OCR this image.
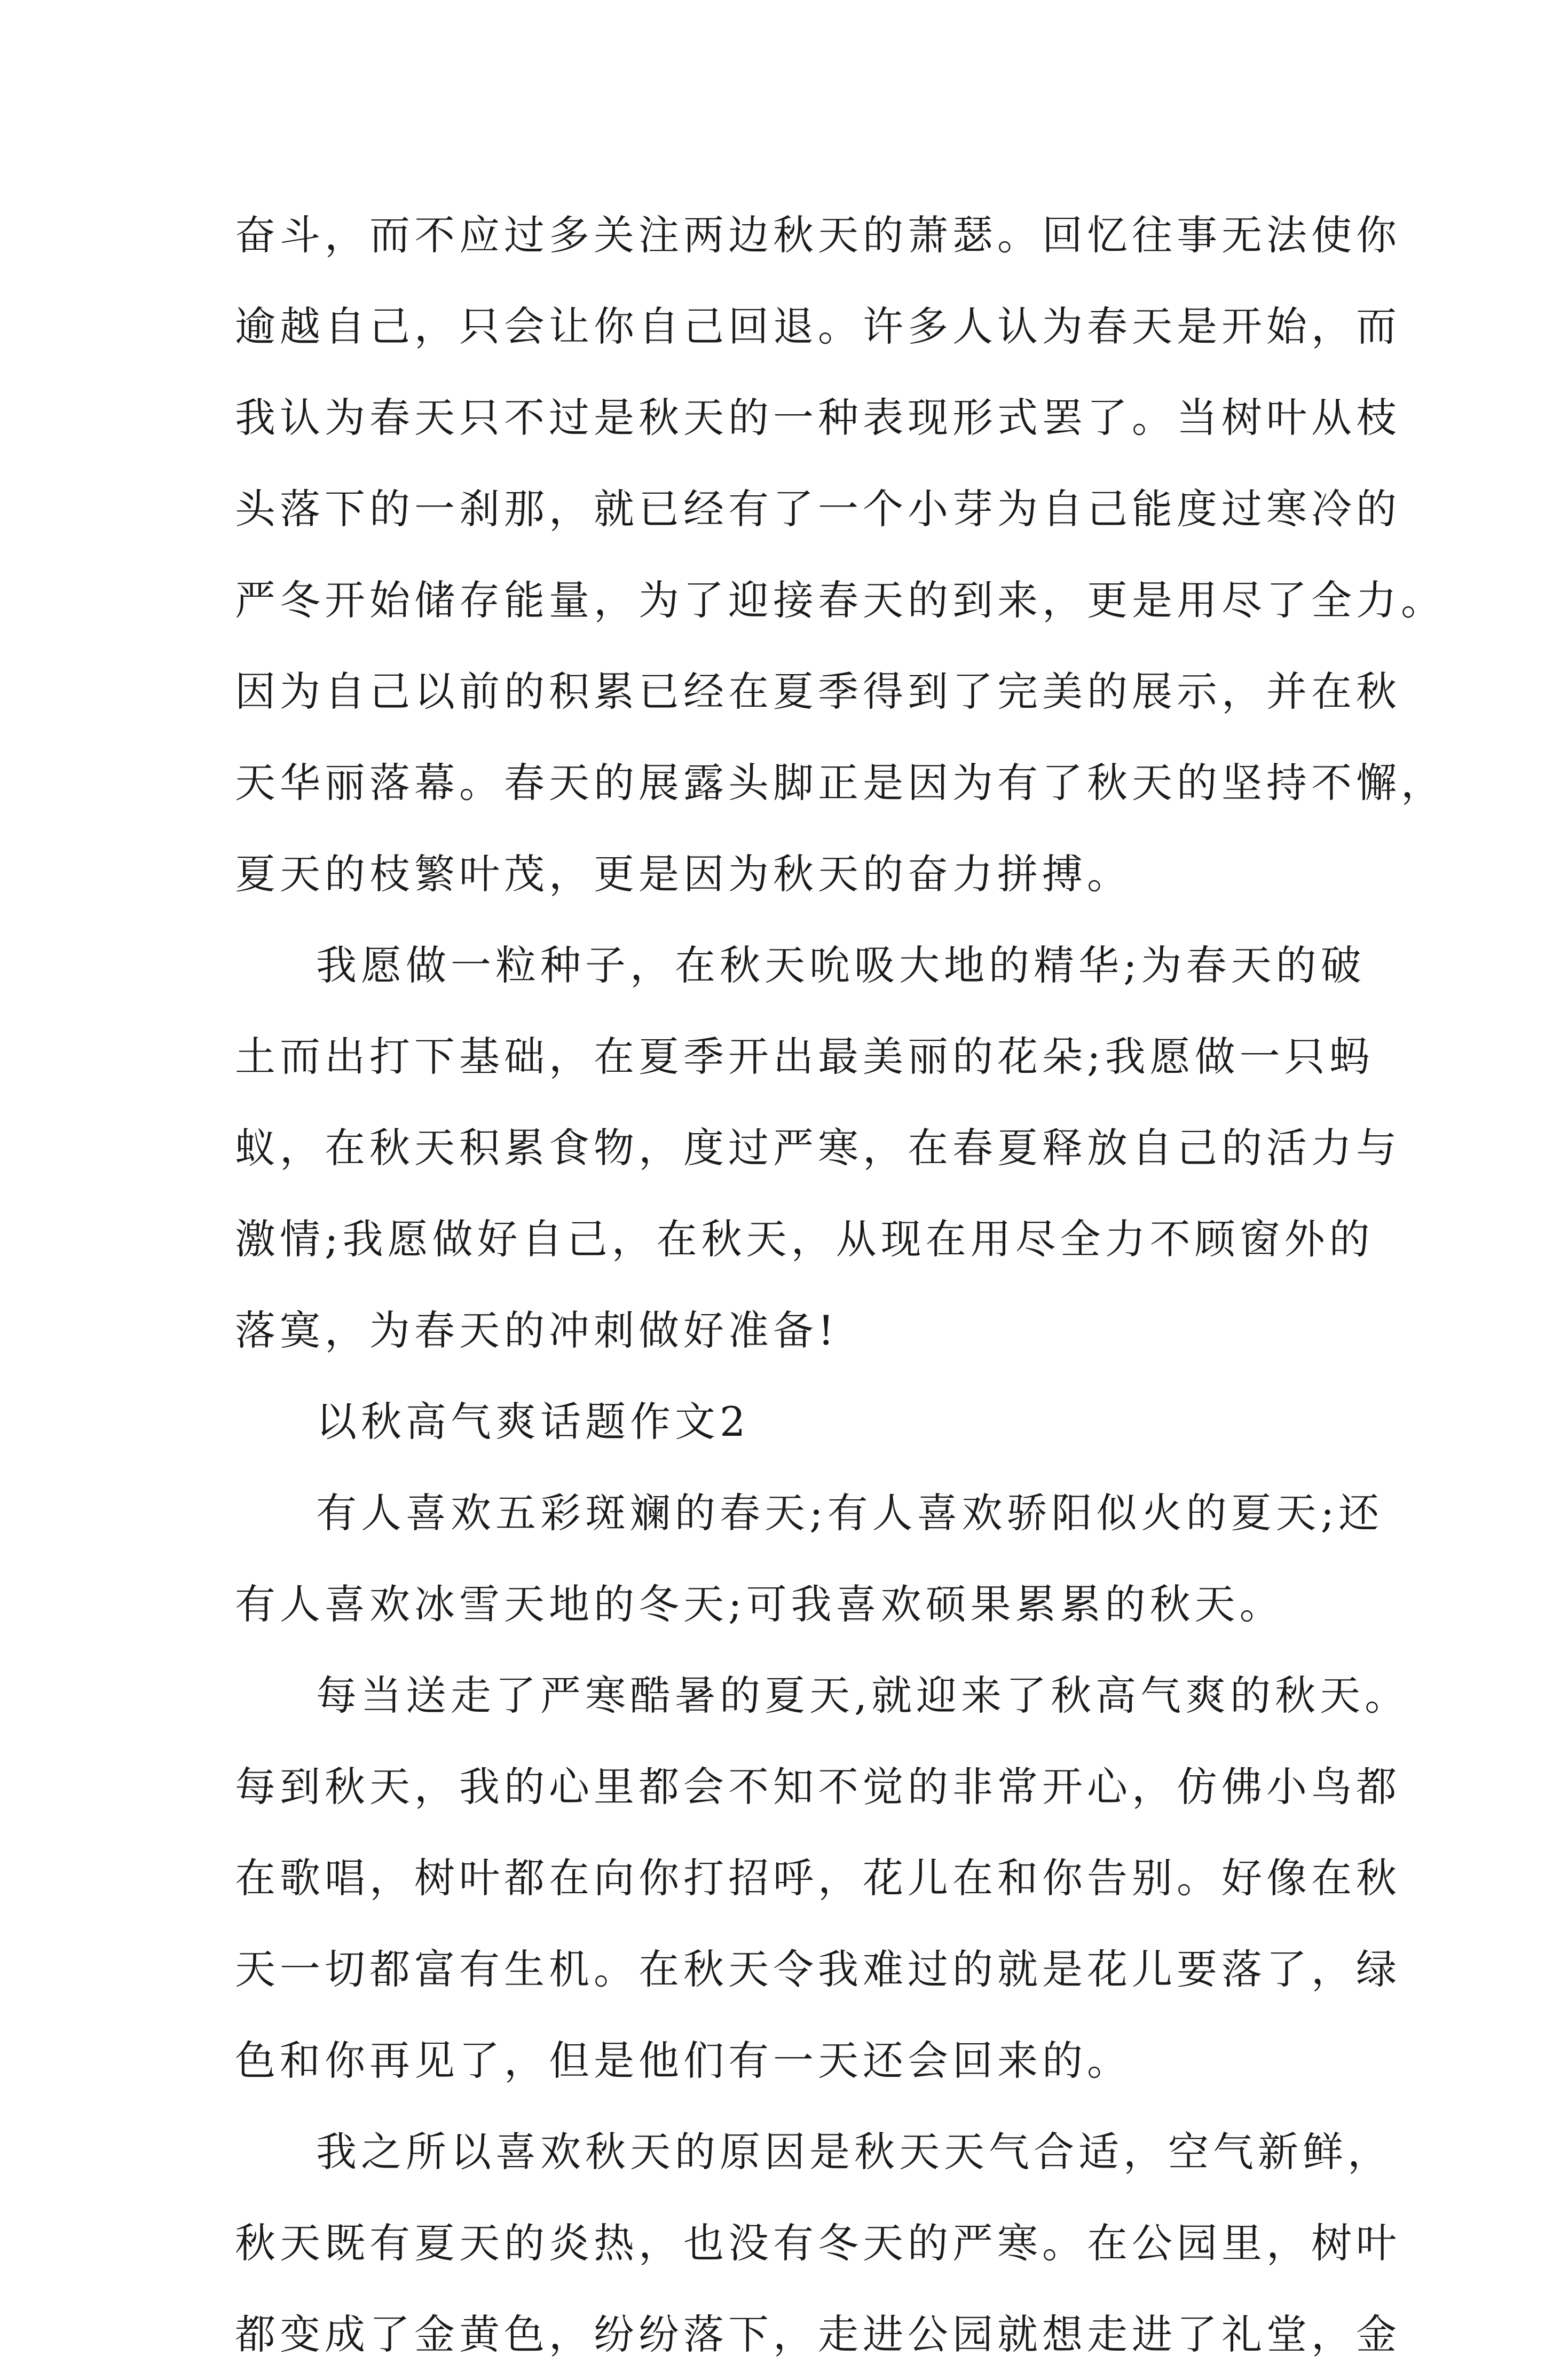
奋斗，而不应过多关注两边秋天的萧瑟。回忆往事无法使你
逾越自己，只会让你自己回退。许多人认为春天是开始，而
我认为春天只不过是秋天的一种表现形式罢了。当树叶从枝
头落下的一刹那，就已经有了一个小芽为自己能度过寒冷的
严冬开始储存能量，为了迎接春天的到来，更是用尽了全力。
因为自己以前的积累已经在夏季得到了完美的展示，并在秋
天华丽落幕。春天的展露头脚正是因为有了秋天的坚持不懈，
夏天的枝繁叶茂，更是因为秋天的奋力拼搏。
我愿做一粒种子，在秋天吮吸大地的精华;为春天的破
土而出打下基础，在夏季开出最美丽的花朵;我愿做一只蚂
蚁，在秋天积累食物，度过严寒，在春夏释放自己的活力与
激情;我愿做好自己，在秋天，从现在用尽全力不顾窗外的
落寞，为春天的冲刺做好准备!
以秋高气爽话题作文2
有人喜欢五彩斑斓的春天;有人喜欢骄阳似火的夏天;还
有人喜欢冰雪天地的冬天;可我喜欢硕果累累的秋天。
每当送走了严寒酷暑的夏天,就迎来了秋高气爽的秋天。
每到秋天，我的心里都会不知不觉的非常开心，仿佛小鸟都
在歌唱，树叶都在向你打招呼，花儿在和你告别。好像在秋
天一切都富有生机。在秋天令我难过的就是花儿要落了，绿
色和你再见了，但是他们有一天还会回来的。
我之所以喜欢秋天的原因是秋天天气合适，空气新鲜，
秋天既有夏天的炎热，也没有冬天的严寒。在公园里，树叶
都变成了金黄色，纷纷落下，走进公园就想走进了礼堂，金
